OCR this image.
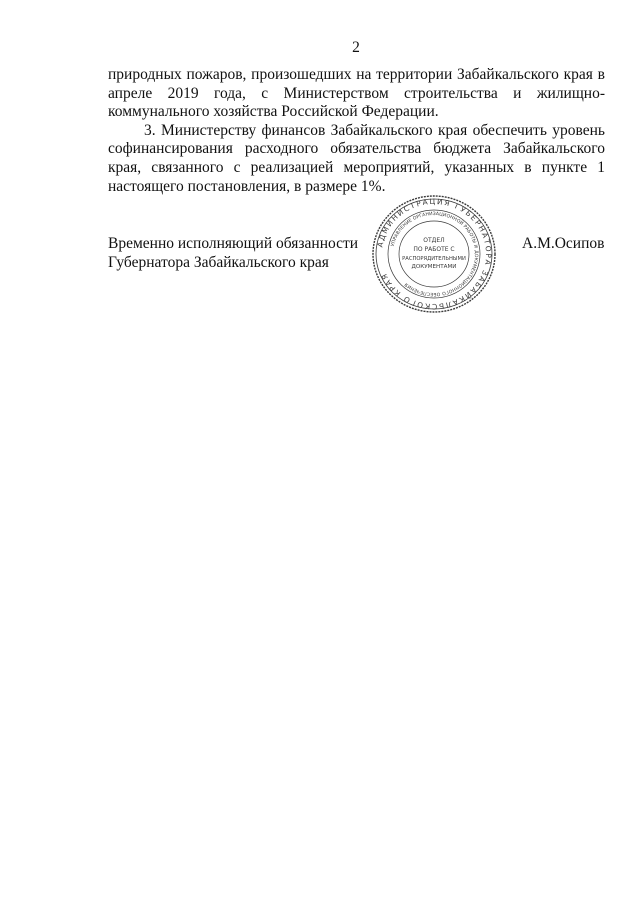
2

природных пожаров, произошедших на территории Забайкальского края в апреле 2019 года, с Министерством строительства и жилищно-коммунального хозяйства Российской Федерации.

3. Министерству финансов Забайкальского края обеспечить уровень софинансирования расходного обязательства бюджета Забайкальского края, связанного с реализацией мероприятий, указанных в пункте 1 настоящего постановления, в размере 1%.

Временно исполняющий обязанности
Губернатора Забайкальского края
А.М.Осипов
АДМИНИСТРАЦИЯ ГУБЕРНАТОРА ЗАБАЙКАЛЬСКОГО КРАЯ
УПРАВЛЕНИЕ ОРГАНИЗАЦИОННОЙ РАБОТЫ И ДОКУМЕНТАЦИОННОГО ОБЕСПЕЧЕНИЯ
ОТДЕЛ
ПО РАБОТЕ С
РАСПОРЯДИТЕЛЬНЫМИ
ДОКУМЕНТАМИ
